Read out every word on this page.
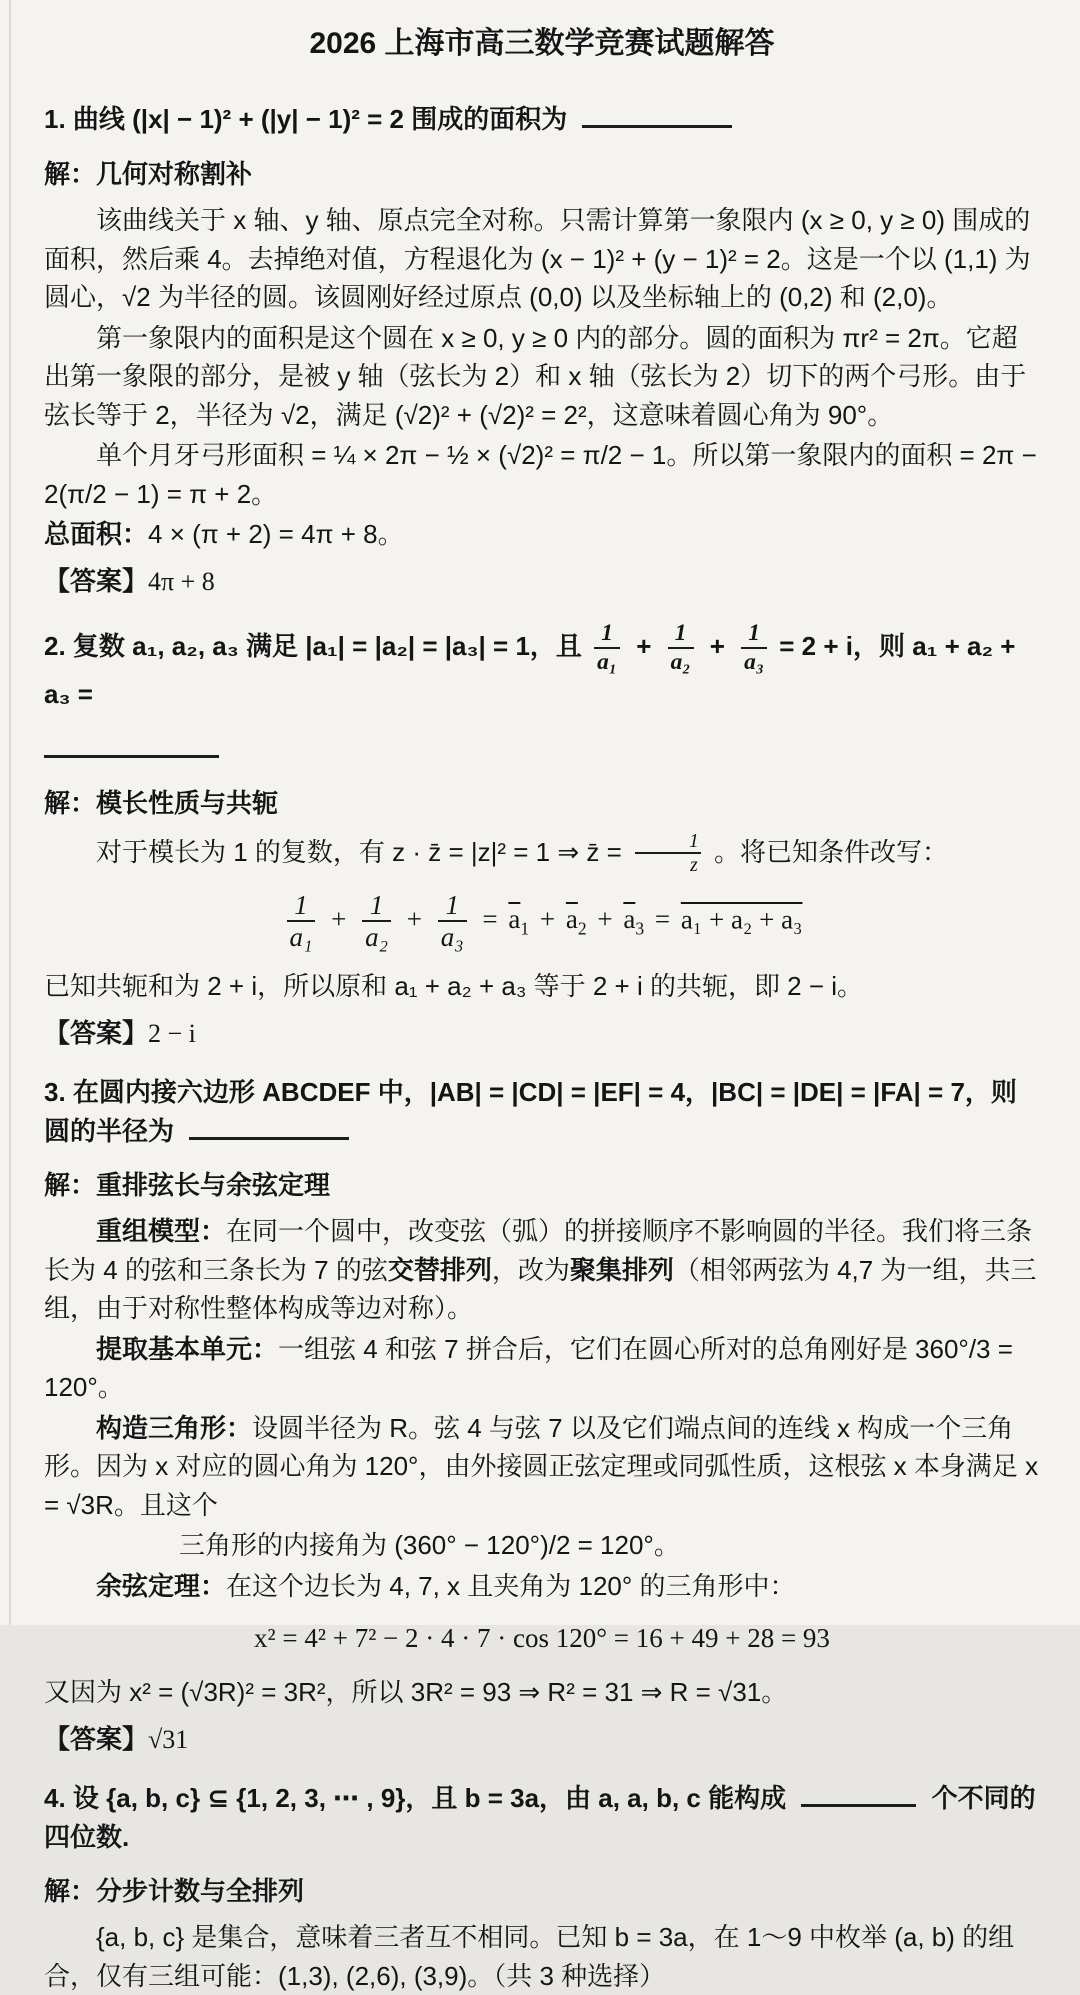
2026 上海市高三数学竞赛试题解答
1. 曲线 (|x| − 1)² + (|y| − 1)² = 2 围成的面积为
解：几何对称割补
该曲线关于 x 轴、y 轴、原点完全对称。只需计算第一象限内 (x ≥ 0, y ≥ 0) 围成的面积，然后乘 4。去掉绝对值，方程退化为 (x − 1)² + (y − 1)² = 2。这是一个以 (1,1) 为圆心，√2 为半径的圆。该圆刚好经过原点 (0,0) 以及坐标轴上的 (0,2) 和 (2,0)。
第一象限内的面积是这个圆在 x ≥ 0, y ≥ 0 内的部分。圆的面积为 πr² = 2π。它超出第一象限的部分，是被 y 轴（弦长为 2）和 x 轴（弦长为 2）切下的两个弓形。由于弦长等于 2，半径为 √2，满足 (√2)² + (√2)² = 2²，这意味着圆心角为 90°。
单个月牙弓形面积 = ¼ × 2π − ½ × (√2)² = π/2 − 1。所以第一象限内的面积 = 2π − 2(π/2 − 1) = π + 2。
总面积：4 × (π + 2) = 4π + 8。
【答案】4π + 8
2. 复数 a₁, a₂, a₃ 满足 |a₁| = |a₂| = |a₃| = 1，且 $\frac{1}{\text{a₁}} + \frac{1}{\text{a₂}} + \frac{1}{\text{a₃}} = 2 + i$，则 a₁ + a₂ + a₃ =
解：模长性质与共轭
对于模长为 1 的复数，有 z · z̄ = |z|² = 1 ⇒ z̄ = $\frac{1}{z}$ 。将已知条件改写：
$\frac{1}{\text{a₁}} + \frac{1}{\text{a₂}} + \frac{1}{\text{a₃}} = \overline{a}_1 + \overline{a}_2 + \overline{a}_3 = a_1 + a_2 + a_3$
已知共轭和为 2 + i，所以原和 a₁ + a₂ + a₃ 等于 2 + i 的共轭，即 2 − i。
【答案】2 − i
3. 在圆内接六边形 ABCDEF 中，|AB| = |CD| = |EF| = 4，|BC| = |DE| = |FA| = 7，则圆的半径为
解：重排弦长与余弦定理
重组模型：在同一个圆中，改变弦（弧）的拼接顺序不影响圆的半径。我们将三条长为 4 的弦和三条长为 7 的弦交替排列，改为聚集排列（相邻两弦为 4,7 为一组，共三组，由于对称性整体构成等边对称）。
提取基本单元：一组弦 4 和弦 7 拼合后，它们在圆心所对的总角刚好是 360°/3 = 120°。
构造三角形：设圆半径为 R。弦 4 与弦 7 以及它们端点间的连线 x 构成一个三角形。因为 x 对应的圆心角为 120°，由外接圆正弦定理或同弧性质，这根弦 x 本身满足 x = √3R。且这个
三角形的内接角为 (360° − 120°)/2 = 120°。
余弦定理：在这个边长为 4, 7, x 且夹角为 120° 的三角形中：
x² = 4² + 7² − 2 · 4 · 7 · cos 120° = 16 + 49 + 28 = 93
又因为 x² = (√3R)² = 3R²，所以 3R² = 93 ⇒ R² = 31 ⇒ R = √31。
【答案】√31
4. 设 {a, b, c} ⊆ {1, 2, 3, ⋯ , 9}，且 b = 3a，由 a, a, b, c 能构成	个不同的四位数.
解：分步计数与全排列
{a, b, c} 是集合，意味着三者互不相同。已知 b = 3a，在 1～9 中枚举 (a, b) 的组合，仅有三组可能：(1,3), (2,6), (3,9)。（共 3 种选择）
